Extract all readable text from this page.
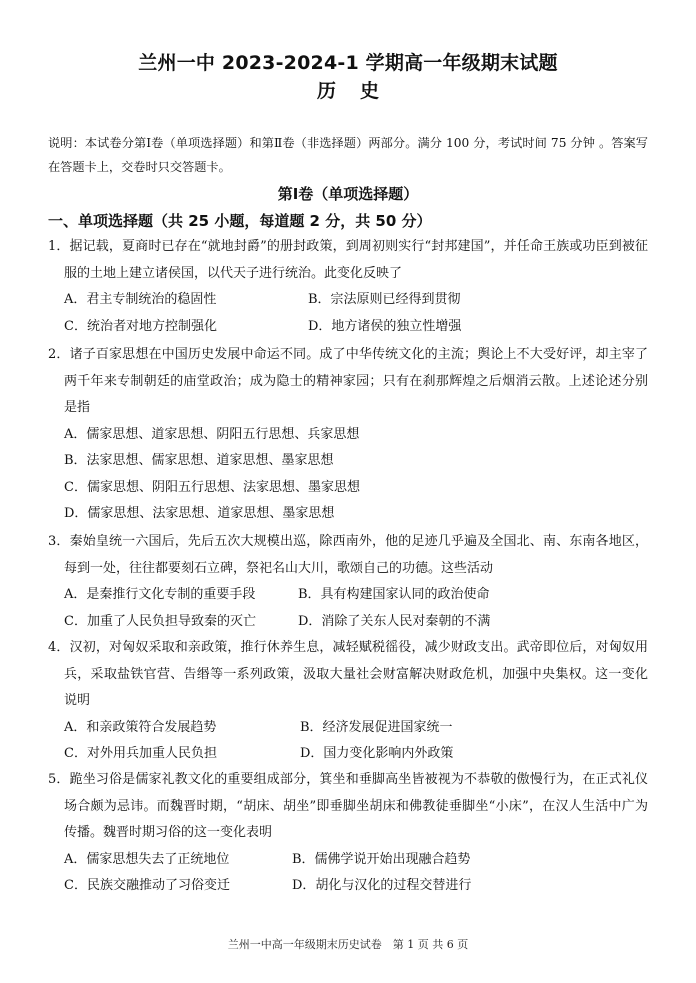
兰州一中 2023-2024-1 学期高一年级期末试题
历史
说明：本试卷分第Ⅰ卷（单项选择题）和第Ⅱ卷（非选择题）两部分。满分 100 分，考试时间 75 分钟 。答案写在答题卡上，交卷时只交答题卡。
第Ⅰ卷（单项选择题）
一、单项选择题（共 25 小题，每道题 2 分，共 50 分）
1．据记载，夏商时已存在“就地封爵”的册封政策，到周初则实行“封邦建国”，并任命王族或功臣到被征服的土地上建立诸侯国，以代天子进行统治。此变化反映了
A．君主专制统治的稳固性	B．宗法原则已经得到贯彻
C．统治者对地方控制强化	D．地方诸侯的独立性增强
2．诸子百家思想在中国历史发展中命运不同。成了中华传统文化的主流；舆论上不大受好评，却主宰了两千年来专制朝廷的庙堂政治；成为隐士的精神家园；只有在刹那辉煌之后烟消云散。上述论述分别是指
A．儒家思想、道家思想、阴阳五行思想、兵家思想
B．法家思想、儒家思想、道家思想、墨家思想
C．儒家思想、阴阳五行思想、法家思想、墨家思想
D．儒家思想、法家思想、道家思想、墨家思想
3．秦始皇统一六国后，先后五次大规模出巡，除西南外，他的足迹几乎遍及全国北、南、东南各地区，每到一处，往往都要刻石立碑，祭祀名山大川，歌颂自己的功德。这些活动
A．是秦推行文化专制的重要手段	B．具有构建国家认同的政治使命
C．加重了人民负担导致秦的灭亡	D．消除了关东人民对秦朝的不满
4．汉初，对匈奴采取和亲政策，推行休养生息，减轻赋税徭役，减少财政支出。武帝即位后，对匈奴用兵，采取盐铁官营、告缗等一系列政策，汲取大量社会财富解决财政危机，加强中央集权。这一变化说明
A．和亲政策符合发展趋势	B．经济发展促进国家统一
C．对外用兵加重人民负担	D．国力变化影响内外政策
5．跪坐习俗是儒家礼教文化的重要组成部分，箕坐和垂脚高坐皆被视为不恭敬的傲慢行为，在正式礼仪场合颇为忌讳。而魏晋时期，“胡床、胡坐”即垂脚坐胡床和佛教徒垂脚坐“小床”，在汉人生活中广为传播。魏晋时期习俗的这一变化表明
A．儒家思想失去了正统地位	B．儒佛学说开始出现融合趋势
C．民族交融推动了习俗变迁	D．胡化与汉化的过程交替进行
兰州一中高一年级期末历史试卷　第 1 页 共 6 页
